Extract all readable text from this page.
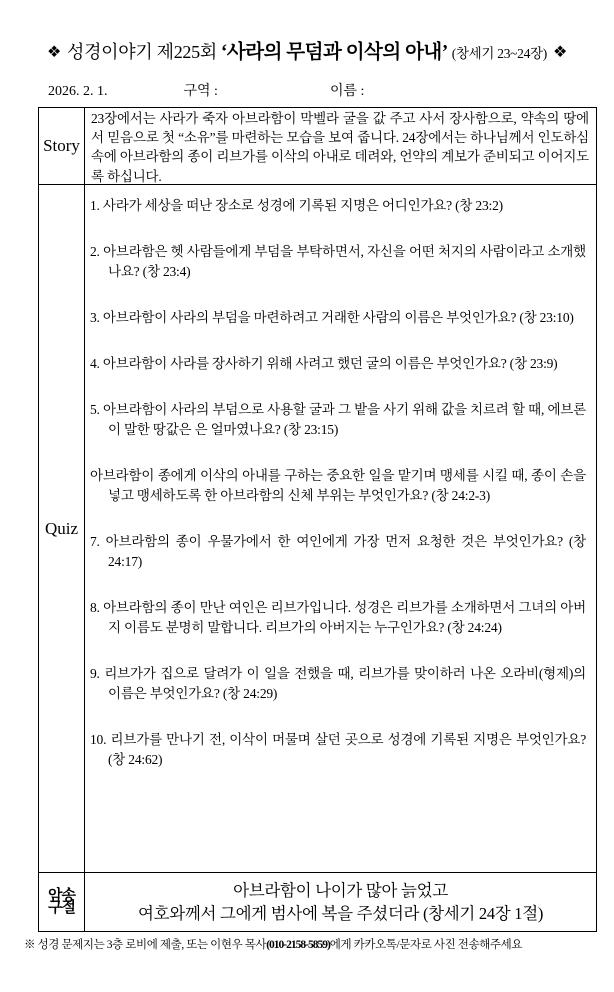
❖ 성경이야기 제225회 ‘사라의 무덤과 이삭의 아내’ (창세기 23~24장) ❖
2026. 2. 1.	구역 :	이름 :
Story
23장에서는 사라가 죽자 아브라함이 막벨라 굴을 값 주고 사서 장사함으로, 약속의 땅에서 믿음으로 첫 “소유”를 마련하는 모습을 보여 줍니다. 24장에서는 하나님께서 인도하심 속에 아브라함의 종이 리브가를 이삭의 아내로 데려와, 언약의 계보가 준비되고 이어지도록 하십니다.
Quiz

1. 사라가 세상을 떠난 장소로 성경에 기록된 지명은 어디인가요? (창 23:2)

2. 아브라함은 헷 사람들에게 부덤을 부탁하면서, 자신을 어떤 처지의 사람이라고 소개했나요? (창 23:4)

3. 아브라함이 사라의 부덤을 마련하려고 거래한 사람의 이름은 부엇인가요? (창 23:10)

4. 아브라함이 사라를 장사하기 위해 사려고 했던 굴의 이름은 부엇인가요? (창 23:9)

5. 아브라함이 사라의 부덤으로 사용할 굴과 그 밭을 사기 위해 값을 치르려 할 때, 에브론이 말한 땅값은 은 얼마였나요? (창 23:15)

아브라함이 종에게 이삭의 아내를 구하는 중요한 일을 맡기며 맹세를 시킬 때, 종이 손을 넣고 맹세하도록 한 아브라함의 신체 부위는 부엇인가요? (창 24:2-3)

7. 아브라함의 종이 우물가에서 한 여인에게 가장 먼저 요청한 것은 부엇인가요? (창 24:17)

8. 아브라함의 종이 만난 여인은 리브가입니다. 성경은 리브가를 소개하면서 그녀의 아버지 이름도 분명히 말합니다. 리브가의 아버지는 누구인가요? (창 24:24)

9. 리브가가 집으로 달려가 이 일을 전했을 때, 리브가를 맞이하러 나온 오라비(형제)의 이름은 부엇인가요? (창 24:29)

10. 리브가를 만나기 전, 이삭이 머물며 살던 곳으로 성경에 기록된 지명은 부엇인가요? (창 24:62)

암송
구절
아브라함이 나이가 많아 늙었고
여호와께서 그에게 범사에 복을 주셨더라 (창세기 24장 1절)
※ 성경 문제지는 3층 로비에 제출, 또는 이현우 목사(010-2158-5859)에게 카카오톡/문자로 사진 전송해주세요
